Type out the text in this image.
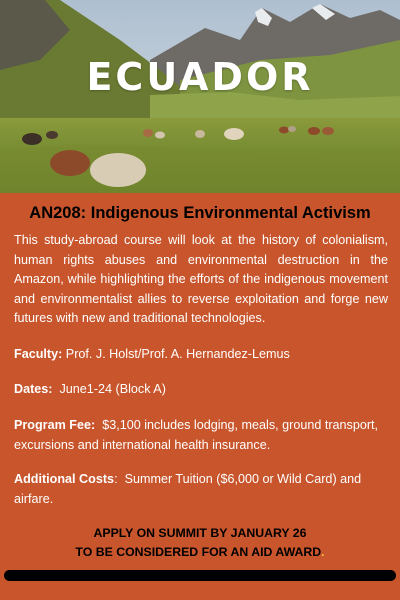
ECUADOR
AN208: Indigenous Environmental Activism
This study-abroad course will look at the history of colonialism, human rights abuses and environmental destruction in the Amazon, while highlighting the efforts of the indigenous movement and environmentalist allies to reverse exploitation and forge new futures with new and traditional technologies.
Faculty: Prof. J. Holst/Prof. A. Hernandez-Lemus
Dates: June1-24 (Block A)
Program Fee: $3,100 includes lodging, meals, ground transport, excursions and international health insurance.
Additional Costs:  Summer Tuition ($6,000 or Wild Card) and airfare.
APPLY ON SUMMIT BY JANUARY 26
TO BE CONSIDERED FOR AN AID AWARD.
